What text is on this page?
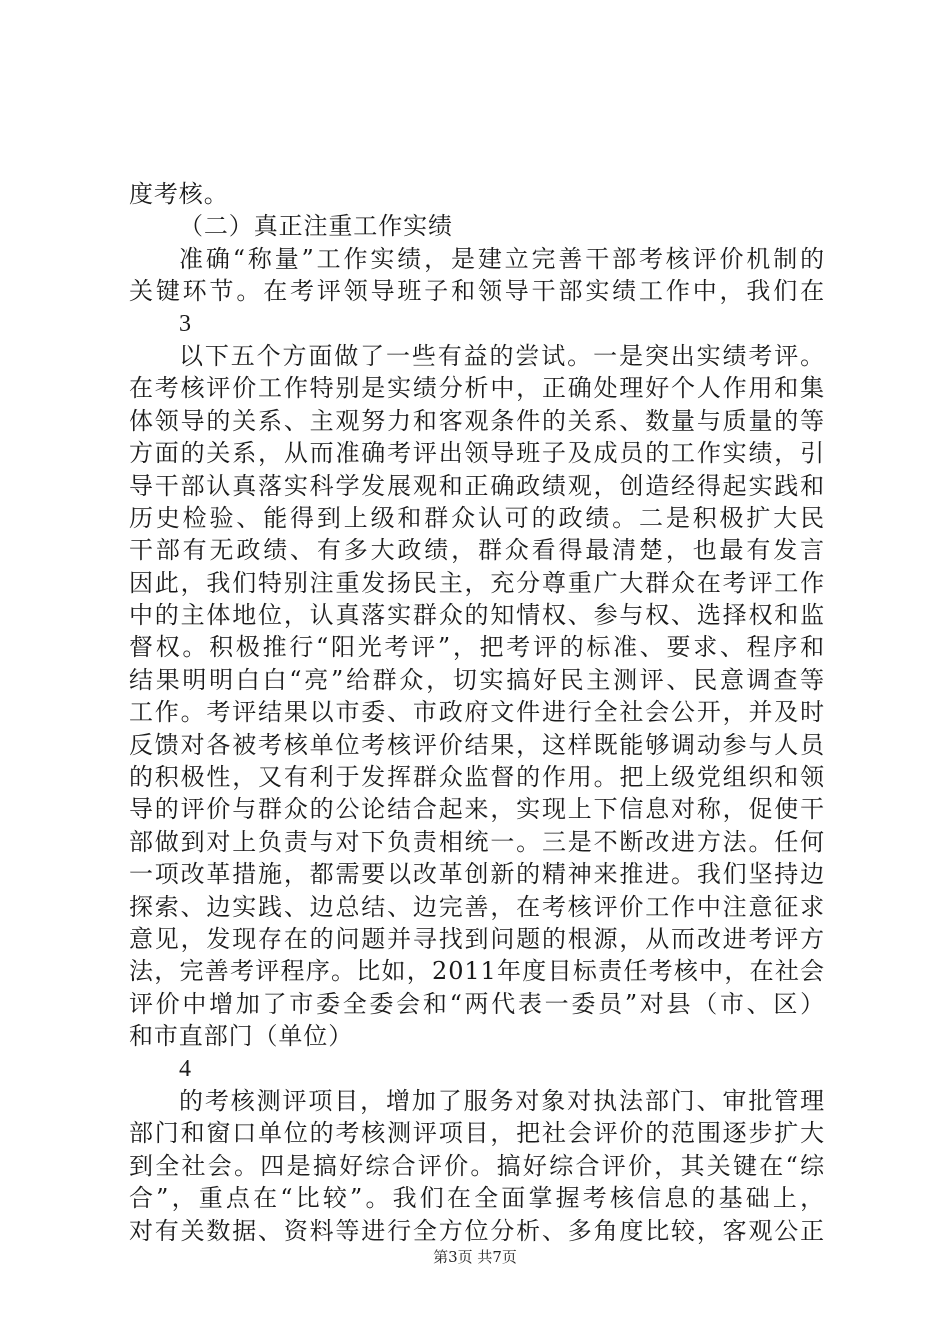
度考核。
（二）真正注重工作实绩
准确“称量”工作实绩，是建立完善干部考核评价机制的
关键环节。在考评领导班子和领导干部实绩工作中，我们在
3
以下五个方面做了一些有益的尝试。一是突出实绩考评。
在考核评价工作特别是实绩分析中，正确处理好个人作用和集
体领导的关系、主观努力和客观条件的关系、数量与质量的等
方面的关系，从而准确考评出领导班子及成员的工作实绩，引
导干部认真落实科学发展观和正确政绩观，创造经得起实践和
历史检验、能得到上级和群众认可的政绩。二是积极扩大民
干部有无政绩、有多大政绩，群众看得最清楚，也最有发言
因此，我们特别注重发扬民主，充分尊重广大群众在考评工作
中的主体地位，认真落实群众的知情权、参与权、选择权和监
督权。积极推行“阳光考评”，把考评的标准、要求、程序和
结果明明白白“亮”给群众，切实搞好民主测评、民意调查等
工作。考评结果以市委、市政府文件进行全社会公开，并及时
反馈对各被考核单位考核评价结果，这样既能够调动参与人员
的积极性，又有利于发挥群众监督的作用。把上级党组织和领
导的评价与群众的公论结合起来，实现上下信息对称，促使干
部做到对上负责与对下负责相统一。三是不断改进方法。任何
一项改革措施，都需要以改革创新的精神来推进。我们坚持边
探索、边实践、边总结、边完善，在考核评价工作中注意征求
意见，发现存在的问题并寻找到问题的根源，从而改进考评方
法，完善考评程序。比如，2011年度目标责任考核中，在社会
评价中增加了市委全委会和“两代表一委员”对县（市、区）
和市直部门（单位）
4
的考核测评项目，增加了服务对象对执法部门、审批管理
部门和窗口单位的考核测评项目，把社会评价的范围逐步扩大
到全社会。四是搞好综合评价。搞好综合评价，其关键在“综
合”，重点在“比较”。我们在全面掌握考核信息的基础上，
对有关数据、资料等进行全方位分析、多角度比较，客观公正
第3页 共7页
